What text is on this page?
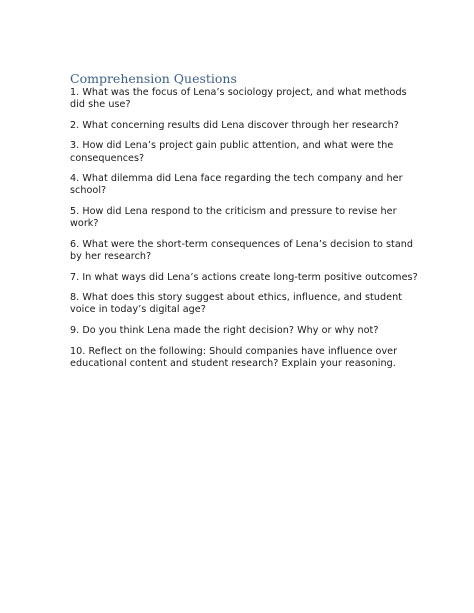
Comprehension Questions
1. What was the focus of Lena’s sociology project, and what methods did she use?
2. What concerning results did Lena discover through her research?
3. How did Lena’s project gain public attention, and what were the consequences?
4. What dilemma did Lena face regarding the tech company and her school?
5. How did Lena respond to the criticism and pressure to revise her work?
6. What were the short-term consequences of Lena’s decision to stand by her research?
7. In what ways did Lena’s actions create long-term positive outcomes?
8. What does this story suggest about ethics, influence, and student voice in today’s digital age?
9. Do you think Lena made the right decision? Why or why not?
10. Reflect on the following: Should companies have influence over educational content and student research? Explain your reasoning.
